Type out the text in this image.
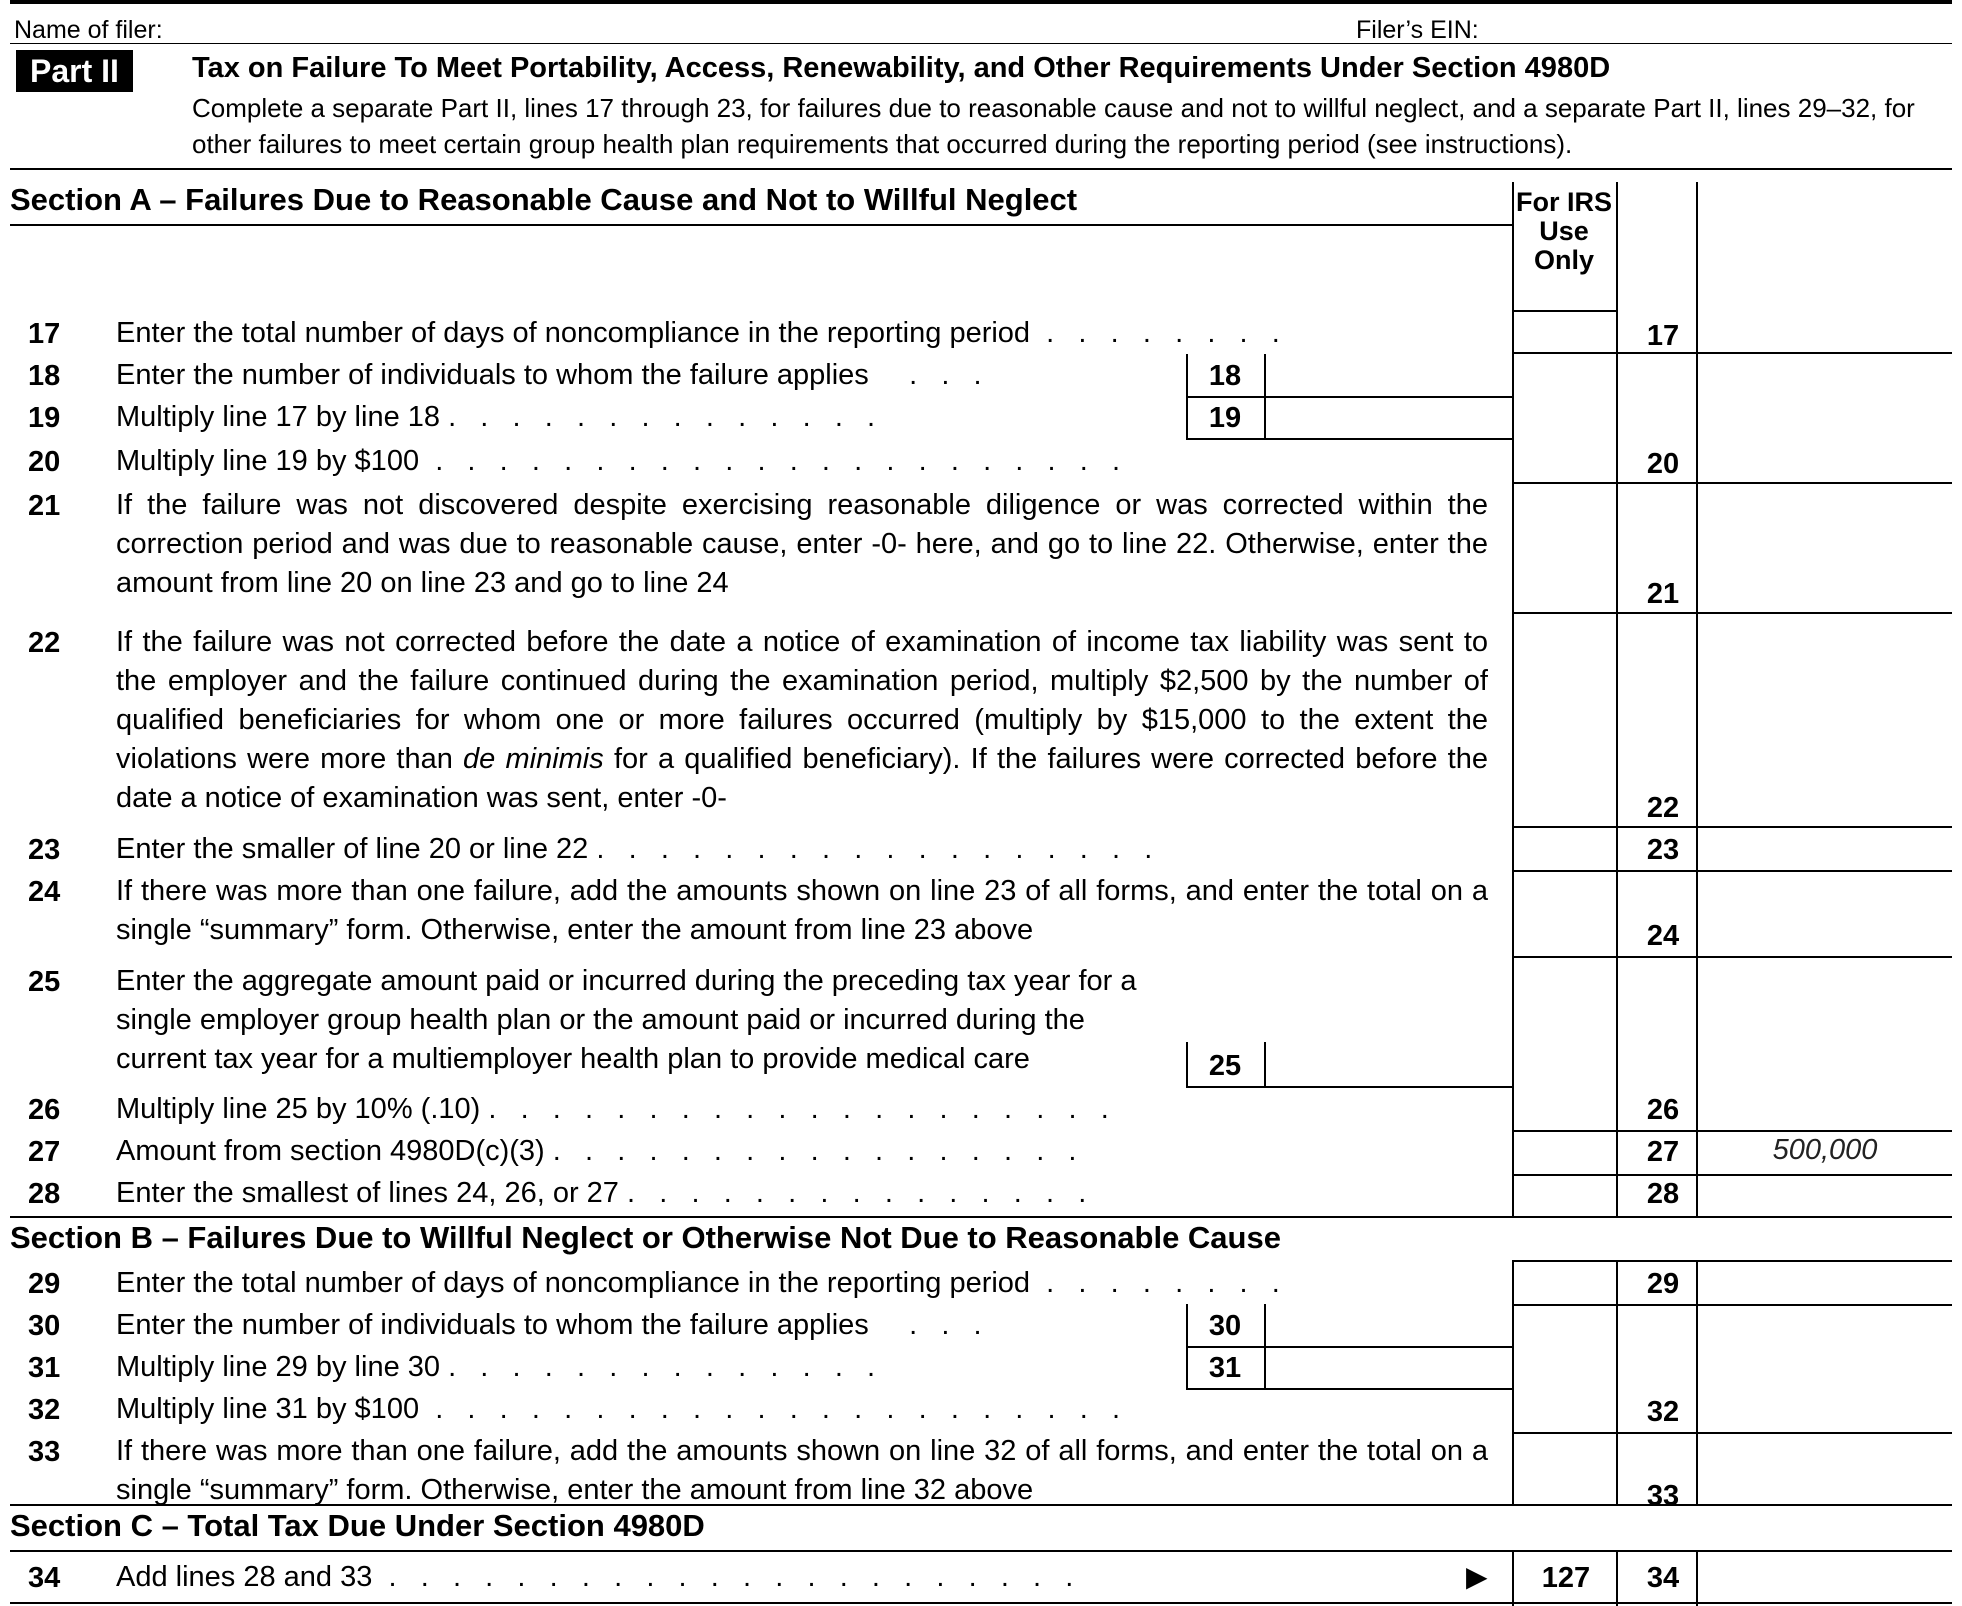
Name of filer:	Filer’s EIN:
Part II	Tax on Failure To Meet Portability, Access, Renewability, and Other Requirements Under Section 4980D
Complete a separate Part II, lines 17 through 23, for failures due to reasonable cause and not to willful neglect, and a separate Part II, lines 29–32, for other failures to meet certain group health plan requirements that occurred during the reporting period (see instructions).
Section A – Failures Due to Reasonable Cause and Not to Willful Neglect	For IRS Use Only
17	Enter the total number of days of noncompliance in the reporting period  .   .   .   .   .   .   .   .	17
18	Enter the number of individuals to whom the failure applies     .   .   .	18
19	Multiply line 17 by line 18 .   .   .   .   .   .   .   .   .   .   .   .   .   .	19
20	Multiply line 19 by $100  .   .   .   .   .   .   .   .   .   .   .   .   .   .   .   .   .   .   .   .   .   .	20
21	If the failure was not discovered despite exercising reasonable diligence or was corrected within the correction period and was due to reasonable cause, enter -0- here, and go to line 22. Otherwise, enter the amount from line 20 on line 23 and go to line 24	21
22	If the failure was not corrected before the date a notice of examination of income tax liability was sent to the employer and the failure continued during the examination period, multiply $2,500 by the number of qualified beneficiaries for whom one or more failures occurred (multiply by $15,000 to the extent the violations were more than de minimis for a qualified beneficiary). If the failures were corrected before the date a notice of examination was sent, enter -0-	22
23	Enter the smaller of line 20 or line 22 .   .   .   .   .   .   .   .   .   .   .   .   .   .   .   .   .   .	23
24	If there was more than one failure, add the amounts shown on line 23 of all forms, and enter the total on a single “summary” form. Otherwise, enter the amount from line 23 above	24
25	Enter the aggregate amount paid or incurred during the preceding tax year for a single employer group health plan or the amount paid or incurred during the current tax year for a multiemployer health plan to provide medical care	25
26	Multiply line 25 by 10% (.10) .   .   .   .   .   .   .   .   .   .   .   .   .   .   .   .   .   .   .   .	26
27	Amount from section 4980D(c)(3) .   .   .   .   .   .   .   .   .   .   .   .   .   .   .   .   .	27	500,000
28	Enter the smallest of lines 24, 26, or 27 .   .   .   .   .   .   .   .   .   .   .   .   .   .   .	28
Section B – Failures Due to Willful Neglect or Otherwise Not Due to Reasonable Cause
29	Enter the total number of days of noncompliance in the reporting period  .   .   .   .   .   .   .   .	29
30	Enter the number of individuals to whom the failure applies     .   .   .	30
31	Multiply line 29 by line 30 .   .   .   .   .   .   .   .   .   .   .   .   .   .	31
32	Multiply line 31 by $100  .   .   .   .   .   .   .   .   .   .   .   .   .   .   .   .   .   .   .   .   .   .	32
33	If there was more than one failure, add the amounts shown on line 32 of all forms, and enter the total on a single “summary” form. Otherwise, enter the amount from line 32 above	33
Section C – Total Tax Due Under Section 4980D
34	Add lines 28 and 33  .   .   .   .   .   .   .   .   .   .   .   .   .   .   .   .   .   .   .   .   .   .	▶	127	34
